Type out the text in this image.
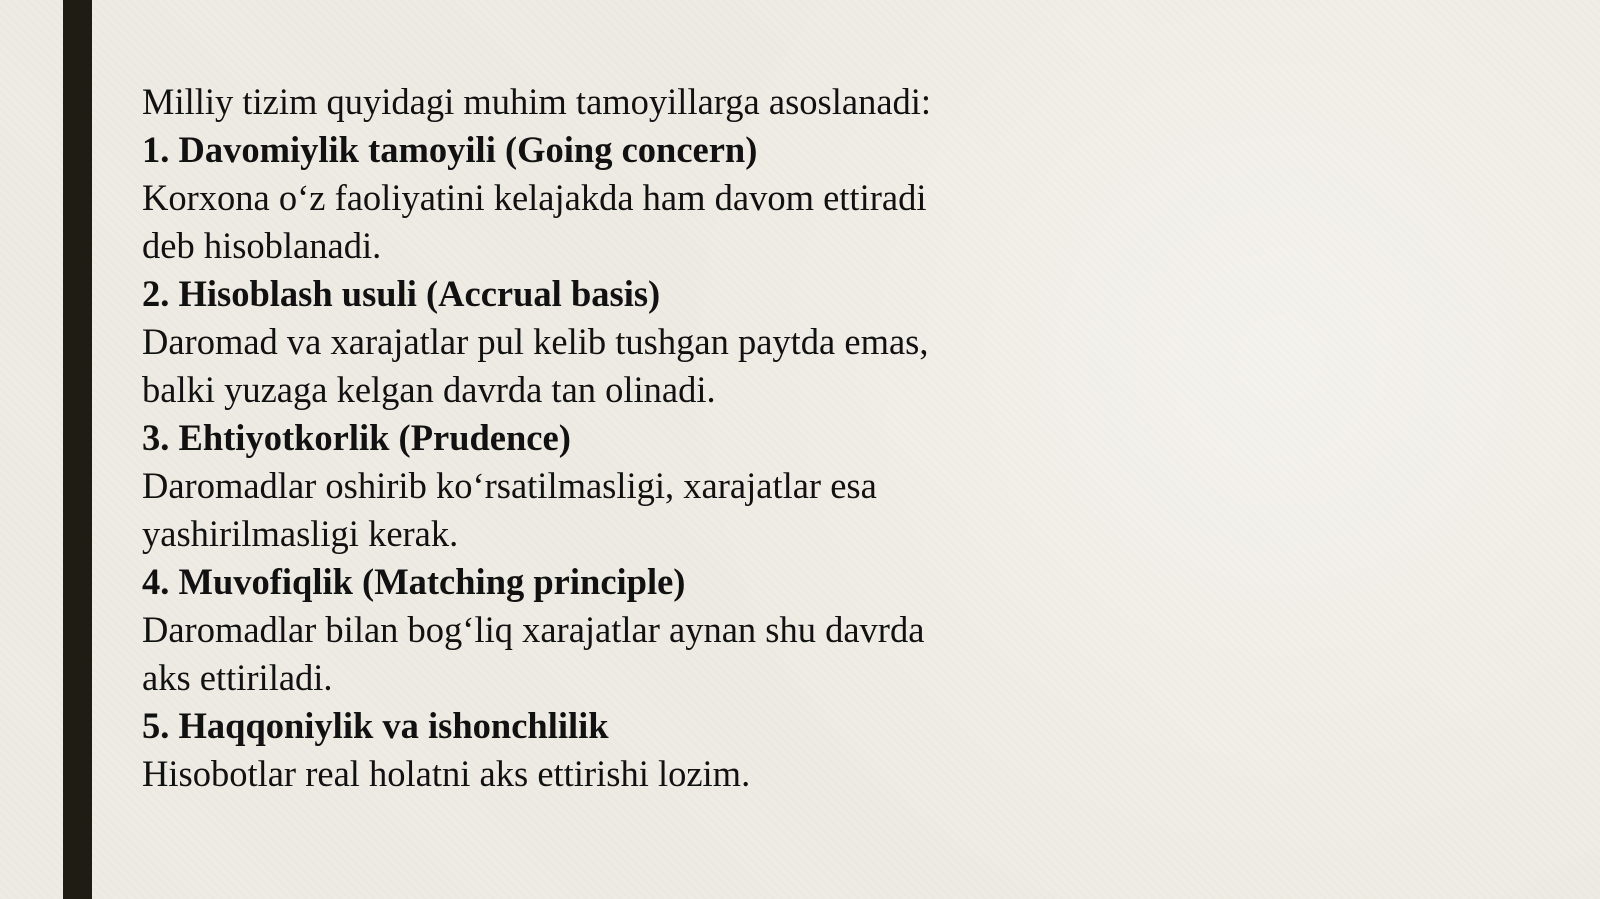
Milliy tizim quyidagi muhim tamoyillarga asoslanadi:
1. Davomiylik tamoyili (Going concern)
Korxona o‘z faoliyatini kelajakda ham davom ettiradi
deb hisoblanadi.
2. Hisoblash usuli (Accrual basis)
Daromad va xarajatlar pul kelib tushgan paytda emas,
balki yuzaga kelgan davrda tan olinadi.
3. Ehtiyotkorlik (Prudence)
Daromadlar oshirib ko‘rsatilmasligi, xarajatlar esa
yashirilmasligi kerak.
4. Muvofiqlik (Matching principle)
Daromadlar bilan bog‘liq xarajatlar aynan shu davrda
aks ettiriladi.
5. Haqqoniylik va ishonchlilik
Hisobotlar real holatni aks ettirishi lozim.
